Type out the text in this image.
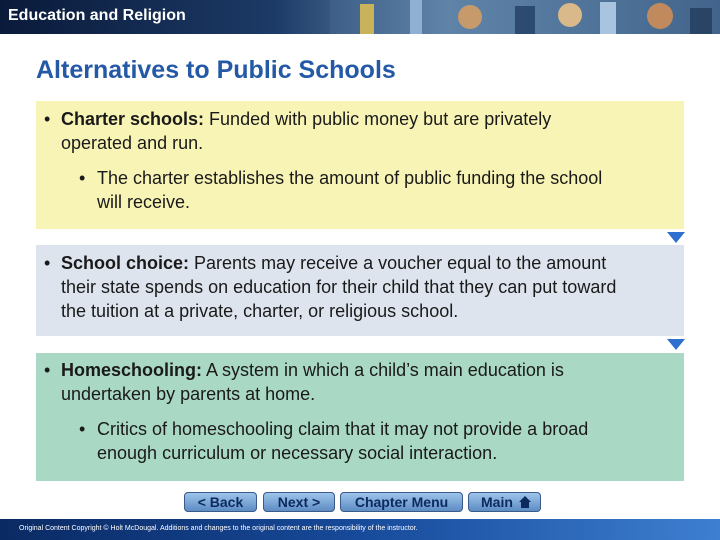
Education and Religion
Alternatives to Public Schools
• Charter schools: Funded with public money but are privately
operated and run.
• The charter establishes the amount of public funding the school
will receive.
• School choice: Parents may receive a voucher equal to the amount
their state spends on education for their child that they can put toward
the tuition at a private, charter, or religious school.
• Homeschooling: A system in which a child’s main education is
undertaken by parents at home.
• Critics of homeschooling claim that it may not provide a broad
enough curriculum or necessary social interaction.
< Back	Next >	Chapter Menu	Main
Original Content Copyright © Holt McDougal. Additions and changes to the original content are the responsibility of the instructor.
